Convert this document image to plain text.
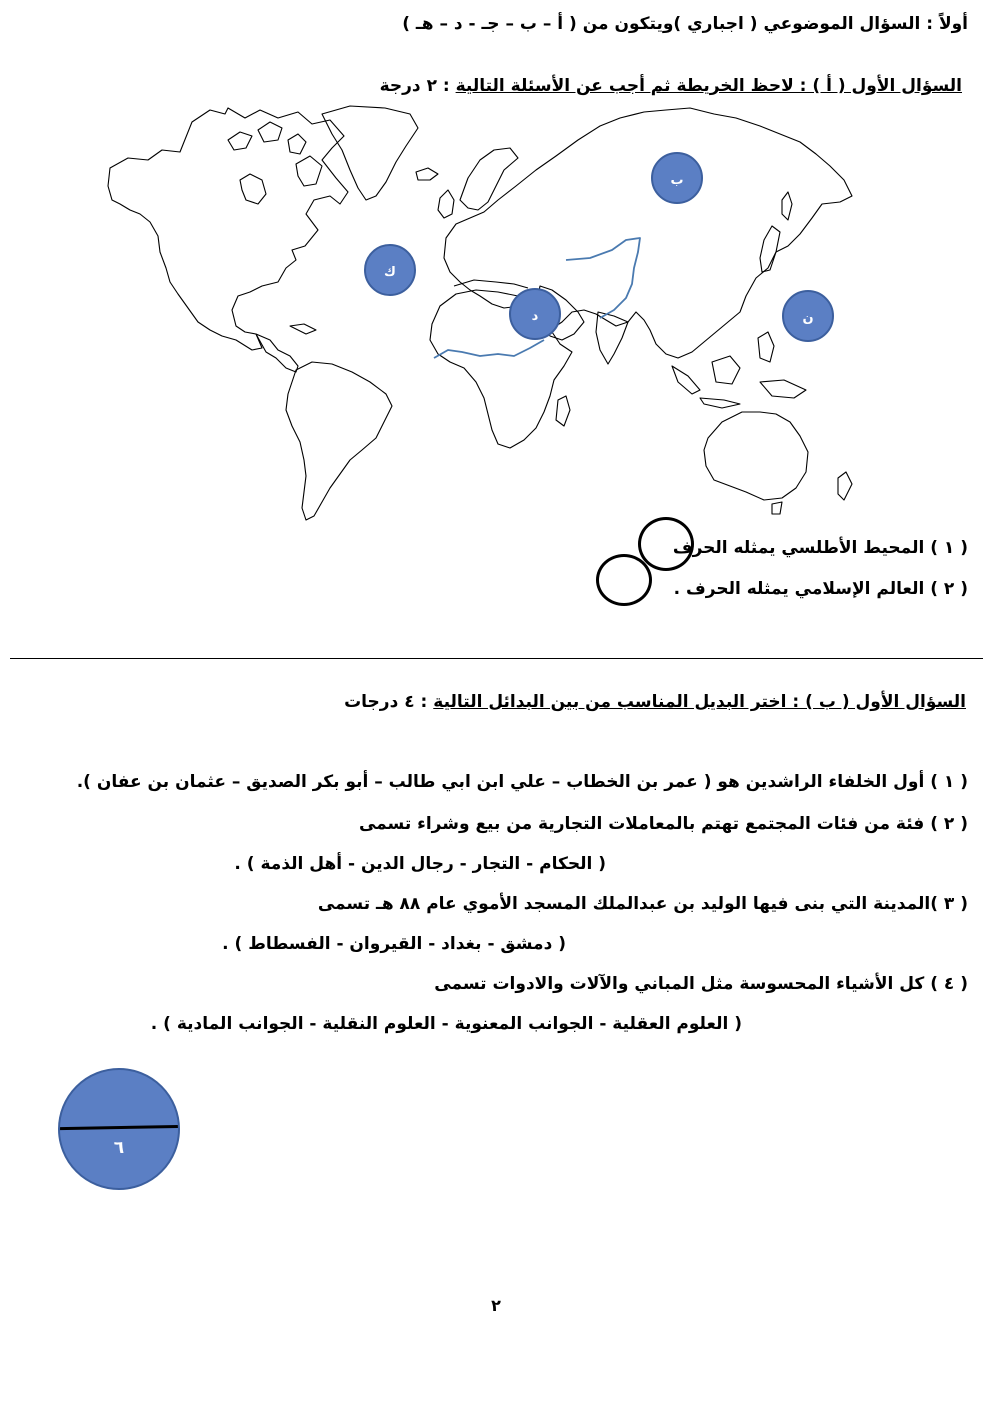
أولاً : السؤال الموضوعي ( اجباري )ويتكون من ( أ – ب – جـ - د – هـ )
السؤال الأول ( أ ) : لاحظ الخريطة ثم أجب عن الأسئلة التالية : ٢ درجة
ب
ك
د	ن
( ١ ) المحيط الأطلسي يمثله الحرف
( ٢ ) العالم الإسلامي يمثله الحرف .
السؤال الأول ( ب ) : اختر البديل المناسب من بين البدائل التالية : ٤ درجات
( ١ ) أول الخلفاء الراشدين هو ( عمر بن الخطاب – علي ابن ابي طالب – أبو بكر الصديق – عثمان بن عفان ).
( ٢ ) فئة من فئات المجتمع تهتم بالمعاملات التجارية من بيع وشراء تسمى
( الحكام - التجار - رجال الدين - أهل الذمة ) .
( ٣ )المدينة التي بنى فيها الوليد بن عبدالملك المسجد الأموي عام ٨٨ هـ تسمى
( دمشق - بغداد - القيروان - الفسطاط ) .
( ٤ ) كل الأشياء المحسوسة مثل المباني والآلات والادوات تسمى
( العلوم العقلية - الجوانب المعنوية - العلوم النقلية - الجوانب المادية ) .
٦
٢
